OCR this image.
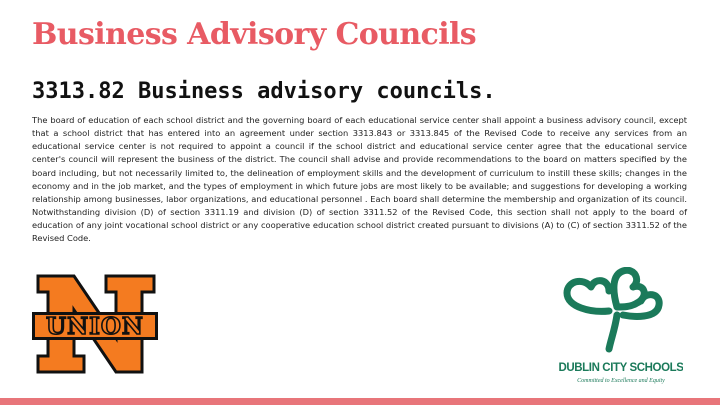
Business Advisory Councils
3313.82 Business advisory councils.

The board of education of each school district and the governing board of each educational service center shall appoint a business advisory council, except that a school district that has entered into an agreement under section 3313.843 or 3313.845 of the Revised Code to receive any services from an educational service center is not required to appoint a council if the school district and educational service center agree that the educational service center's council will represent the business of the district. The council shall advise and provide recommendations to the board on matters specified by the board including, but not necessarily limited to, the delineation of employment skills and the development of curriculum to instill these skills; changes in the economy and in the job market, and the types of employment in which future jobs are most likely to be available; and suggestions for developing a working relationship among businesses, labor organizations, and educational personnel . Each board shall determine the membership and organization of its council. Notwithstanding division (D) of section 3311.19 and division (D) of section 3311.52 of the Revised Code, this section shall not apply to the board of education of any joint vocational school district or any cooperative education school district created pursuant to divisions (A) to (C) of section 3311.52 of the Revised Code.

UNION
DUBLIN CITY SCHOOLS
Committed to Excellence and Equity
